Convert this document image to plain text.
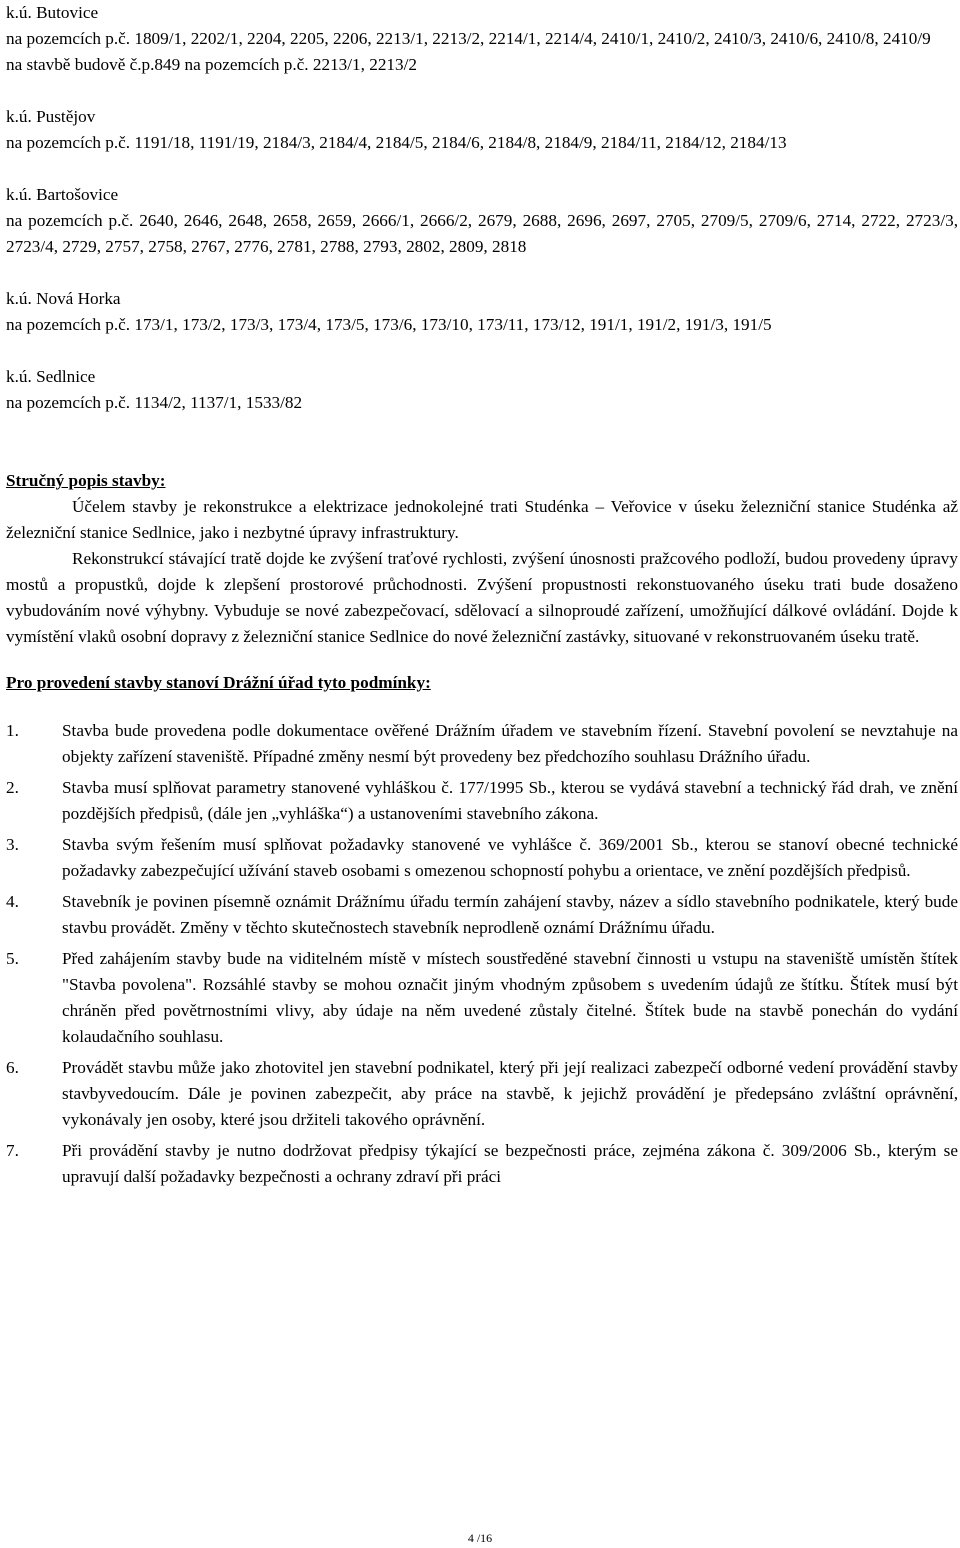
k.ú. Butovice

na pozemcích p.č. 1809/1, 2202/1, 2204, 2205, 2206, 2213/1, 2213/2, 2214/1, 2214/4, 2410/1, 2410/2, 2410/3, 2410/6, 2410/8, 2410/9

na stavbě budově č.p.849 na pozemcích p.č. 2213/1, 2213/2

k.ú. Pustějov

na pozemcích p.č. 1191/18, 1191/19, 2184/3, 2184/4, 2184/5, 2184/6, 2184/8, 2184/9, 2184/11, 2184/12, 2184/13

k.ú. Bartošovice

na pozemcích p.č. 2640, 2646, 2648, 2658, 2659, 2666/1, 2666/2, 2679, 2688, 2696, 2697, 2705, 2709/5, 2709/6, 2714, 2722, 2723/3, 2723/4, 2729, 2757, 2758, 2767, 2776, 2781, 2788, 2793, 2802, 2809, 2818

k.ú. Nová Horka

na pozemcích p.č. 173/1, 173/2, 173/3, 173/4, 173/5, 173/6, 173/10, 173/11, 173/12, 191/1, 191/2, 191/3, 191/5

k.ú. Sedlnice

na pozemcích p.č. 1134/2, 1137/1, 1533/82

Stručný popis stavby:

Účelem stavby je rekonstrukce a elektrizace jednokolejné trati Studénka – Veřovice v úseku železniční stanice Studénka až železniční stanice Sedlnice, jako i nezbytné úpravy infrastruktury.

Rekonstrukcí stávající tratě dojde ke zvýšení traťové rychlosti, zvýšení únosnosti pražcového podloží, budou provedeny úpravy mostů a propustků, dojde k zlepšení prostorové průchodnosti. Zvýšení propustnosti rekonstuovaného úseku trati bude dosaženo vybudováním nové výhybny. Vybuduje se nové zabezpečovací, sdělovací a silnoproudé zařízení, umožňující dálkové ovládání. Dojde k vymístění vlaků osobní dopravy z železniční stanice Sedlnice do nové železniční zastávky, situované v rekonstruovaném úseku tratě.

Pro provedení stavby stanoví Drážní úřad tyto podmínky:

1.	Stavba bude provedena podle dokumentace ověřené Drážním úřadem ve stavebním řízení. Stavební povolení se nevztahuje na objekty zařízení staveniště. Případné změny nesmí být provedeny bez předchozího souhlasu Drážního úřadu.
2.	Stavba musí splňovat parametry stanovené vyhláškou č. 177/1995 Sb., kterou se vydává stavební a technický řád drah, ve znění pozdějších předpisů, (dále jen „vyhláška“) a ustanoveními stavebního zákona.
3.	Stavba svým řešením musí splňovat požadavky stanovené ve vyhlášce č. 369/2001 Sb., kterou se stanoví obecné technické požadavky zabezpečující užívání staveb osobami s omezenou schopností pohybu a orientace, ve znění pozdějších předpisů.
4.	Stavebník je povinen písemně oznámit Drážnímu úřadu termín zahájení stavby, název a sídlo stavebního podnikatele, který bude stavbu provádět. Změny v těchto skutečnostech stavebník neprodleně oznámí Drážnímu úřadu.
5.	Před zahájením stavby bude na viditelném místě v místech soustředěné stavební činnosti u vstupu na staveniště umístěn štítek "Stavba povolena". Rozsáhlé stavby se mohou označit jiným vhodným způsobem s uvedením údajů ze štítku. Štítek musí být chráněn před povětrnostními vlivy, aby údaje na něm uvedené zůstaly čitelné. Štítek bude na stavbě ponechán do vydání kolaudačního souhlasu.
6.	Provádět stavbu může jako zhotovitel jen stavební podnikatel, který při její realizaci zabezpečí odborné vedení provádění stavby stavbyvedoucím. Dále je povinen zabezpečit, aby práce na stavbě, k jejichž provádění je předepsáno zvláštní oprávnění, vykonávaly jen osoby, které jsou držiteli takového oprávnění.
7.	Při provádění stavby je nutno dodržovat předpisy týkající se bezpečnosti práce, zejména zákona č. 309/2006 Sb., kterým se upravují další požadavky bezpečnosti a ochrany zdraví při práci
4 /16
